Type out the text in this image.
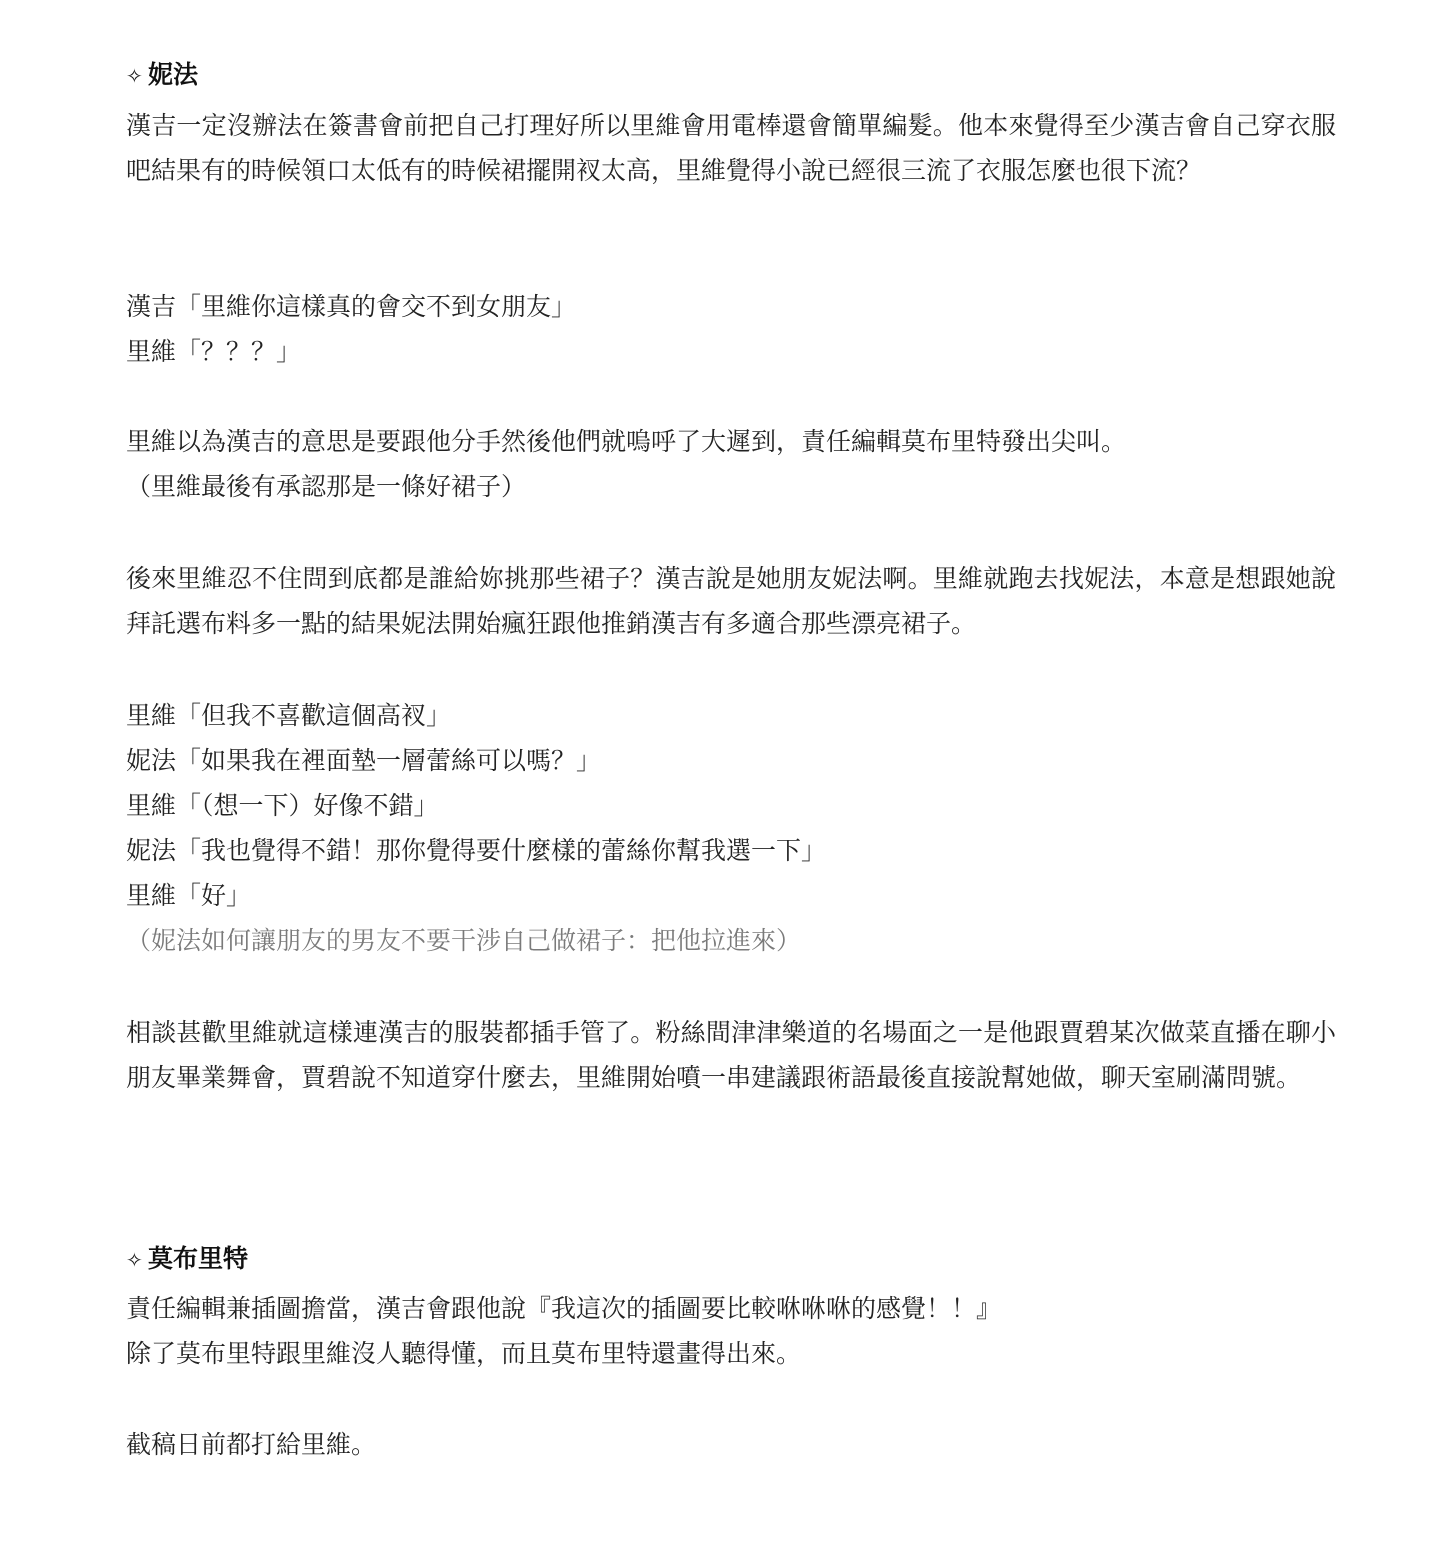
✧ 妮法

漢吉一定沒辦法在簽書會前把自己打理好所以里維會用電棒還會簡單編髮。他本來覺得至少漢吉會自己穿衣服吧結果有的時候領口太低有的時候裙擺開衩太高，里維覺得小說已經很三流了衣服怎麼也很下流？

漢吉「里維你這樣真的會交不到女朋友」

里維「？？？」

里維以為漢吉的意思是要跟他分手然後他們就嗚呼了大遲到，責任編輯莫布里特發出尖叫。

（里維最後有承認那是一條好裙子）

後來里維忍不住問到底都是誰給妳挑那些裙子？漢吉說是她朋友妮法啊。里維就跑去找妮法，本意是想跟她說拜託選布料多一點的結果妮法開始瘋狂跟他推銷漢吉有多適合那些漂亮裙子。

里維「但我不喜歡這個高衩」

妮法「如果我在裡面墊一層蕾絲可以嗎？」

里維「（想一下）好像不錯」

妮法「我也覺得不錯！那你覺得要什麼樣的蕾絲你幫我選一下」

里維「好」

（妮法如何讓朋友的男友不要干涉自己做裙子：把他拉進來）

相談甚歡里維就這樣連漢吉的服裝都插手管了。粉絲間津津樂道的名場面之一是他跟賈碧某次做菜直播在聊小朋友畢業舞會，賈碧說不知道穿什麼去，里維開始噴一串建議跟術語最後直接說幫她做，聊天室刷滿問號。

✧ 莫布里特

責任編輯兼插圖擔當，漢吉會跟他說『我這次的插圖要比較咻咻咻的感覺！！』

除了莫布里特跟里維沒人聽得懂，而且莫布里特還畫得出來。

截稿日前都打給里維。
